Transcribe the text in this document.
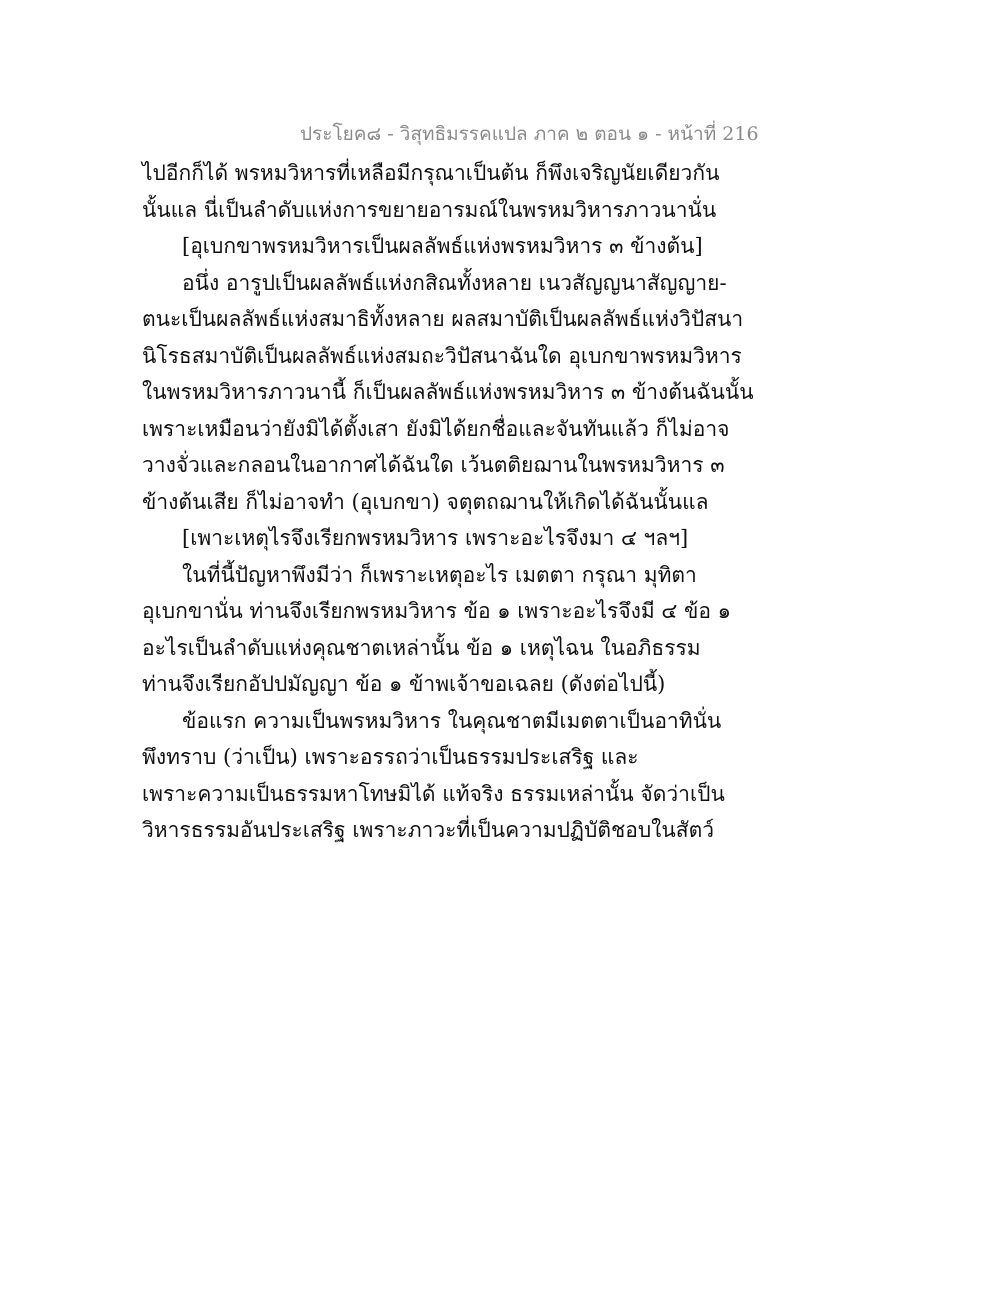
ประโยค๘ - วิสุทธิมรรคแปล ภาค ๒ ตอน ๑ - หน้าที่ 216
ไปอีกก็ได้ พรหมวิหารที่เหลือมีกรุณาเป็นต้น ก็พึงเจริญนัยเดียวกัน
นั้นแล นี่เป็นลำดับแห่งการขยายอารมณ์ในพรหมวิหารภาวนานั่น
[อุเบกขาพรหมวิหารเป็นผลลัพธ์แห่งพรหมวิหาร ๓ ข้างต้น]
อนึ่ง อารูปเป็นผลลัพธ์แห่งกสิณทั้งหลาย เนวสัญญนาสัญญาย-
ตนะเป็นผลลัพธ์แห่งสมาธิทั้งหลาย ผลสมาบัติเป็นผลลัพธ์แห่งวิปัสนา
นิโรธสมาบัติเป็นผลลัพธ์แห่งสมถะวิปัสนาฉันใด อุเบกขาพรหมวิหาร
ในพรหมวิหารภาวนานี้ ก็เป็นผลลัพธ์แห่งพรหมวิหาร ๓ ข้างต้นฉันนั้น
เพราะเหมือนว่ายังมิได้ตั้งเสา ยังมิได้ยกชื่อและจันทันแล้ว ก็ไม่อาจ
วางจั่วและกลอนในอากาศได้ฉันใด เว้นตติยฌานในพรหมวิหาร ๓
ข้างต้นเสีย ก็ไม่อาจทำ (อุเบกขา) จตุตถฌานให้เกิดได้ฉันนั้นแล
[เพาะเหตุไรจึงเรียกพรหมวิหาร เพราะอะไรจึงมา ๔ ฯลฯ]
ในที่นี้ปัญหาพึงมีว่า ก็เพราะเหตุอะไร เมตตา กรุณา มุทิตา
อุเบกขานั่น ท่านจึงเรียกพรหมวิหาร ข้อ ๑ เพราะอะไรจึงมี ๔ ข้อ ๑
อะไรเป็นลำดับแห่งคุณชาตเหล่านั้น ข้อ ๑ เหตุไฉน ในอภิธรรม
ท่านจึงเรียกอัปปมัญญา ข้อ ๑ ข้าพเจ้าขอเฉลย (ดังต่อไปนี้)
ข้อแรก ความเป็นพรหมวิหาร ในคุณชาตมีเมตตาเป็นอาทินั่น
พึงทราบ (ว่าเป็น) เพราะอรรถว่าเป็นธรรมประเสริฐ และ
เพราะความเป็นธรรมหาโทษมิได้ แท้จริง ธรรมเหล่านั้น จัดว่าเป็น
วิหารธรรมอันประเสริฐ เพราะภาวะที่เป็นความปฏิบัติชอบในสัตว์
